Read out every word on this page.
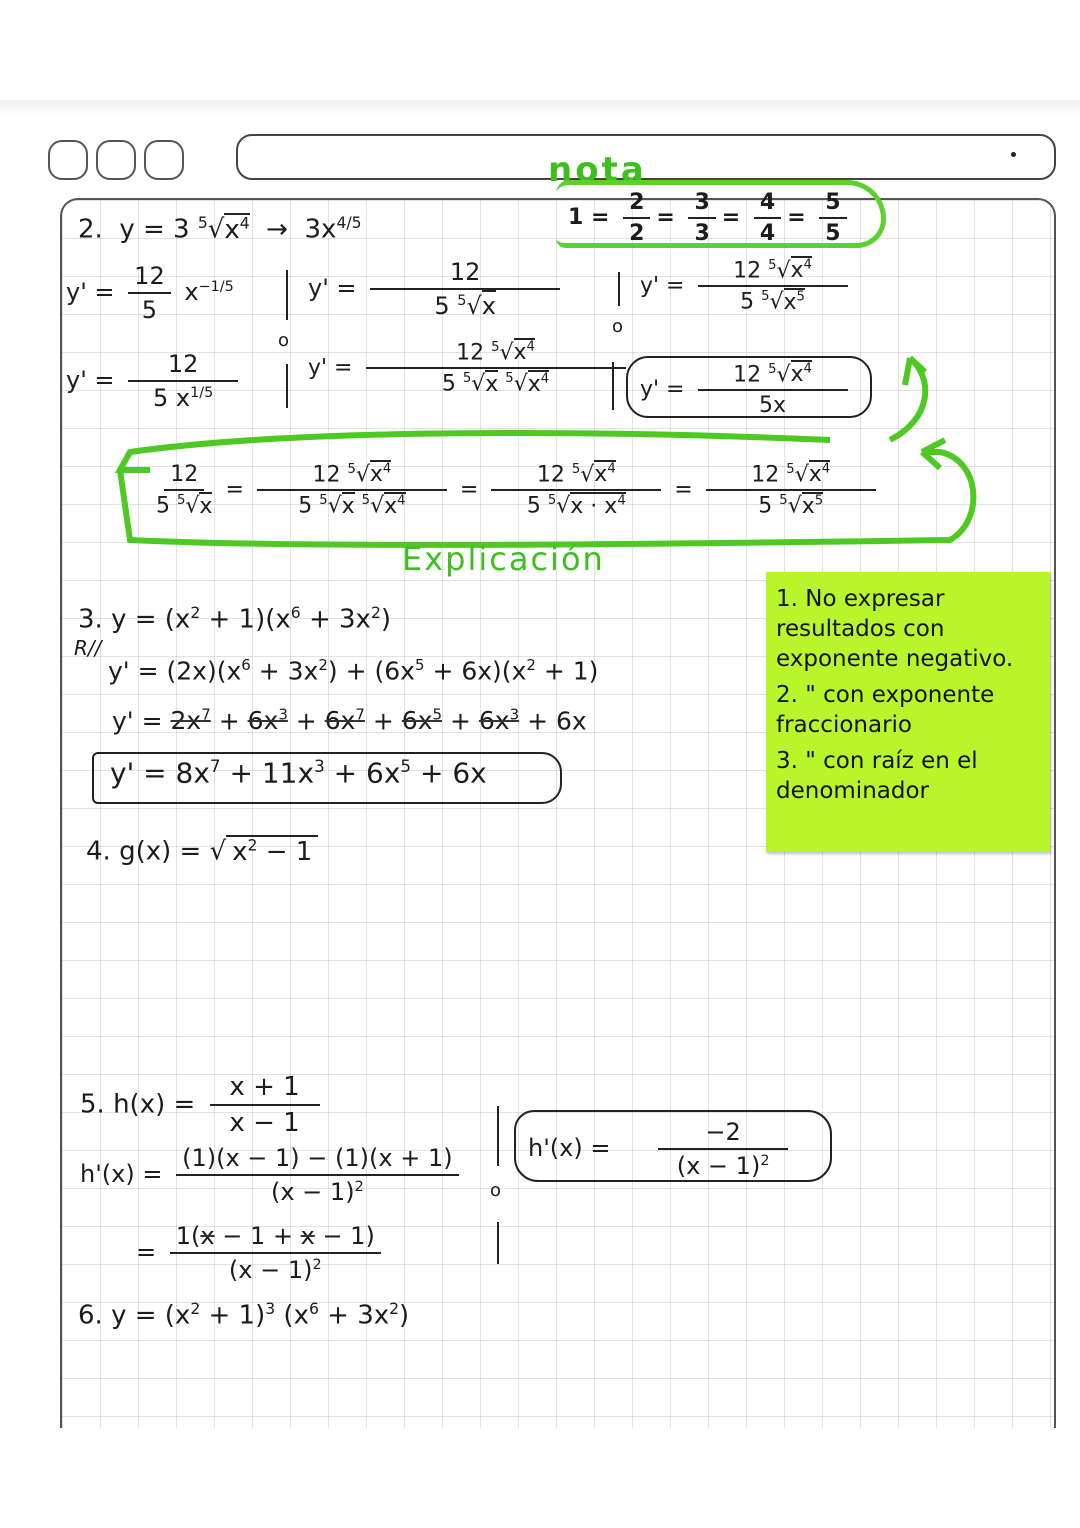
nota
$1 = \frac{2}{2} = \frac{3}{3} = \frac{4}{4} = \frac{5}{5}$
2.  y = 3 $^5√x^4 \to 3x^{4/5}$
$y' = \frac{12}{5} x^{-1/5}$
o
$y' = \frac{12}{5 ^5√x}$
$y' = \frac{12}{5 x^{1/5}}$	$y' = \frac{12 ^5√x^4}{5 ^5√x ^5√x^4}$
o
$y' = \frac{12 ^5√x^4}{5 ^5√x^5}$
$y' = \frac{12 ^5√x^4}{5x}$
$\frac{12}{5 ^5√x} = \frac{12 ^5√x^4}{5 ^5√x ^5√x^4} = \frac{12 ^5√x^4}{5 ^5√x \cdot x^4} = \frac{12 ^5√x^4}{5 ^5√x^5}$
Explicación
3. $y = (x^2 + 1)(x^6 + 3x^2)$
R//
$y' = (2x)(x^6 + 3x^2) + (6x^5 + 6x)(x^2 + 1)$
$y' = 2x^7 + 6x^3 + 6x^7 + 6x^5 + 6x^3 + 6x$
$y' = 8x^7 + 11x^3 + 6x^5 + 6x$

1. No expresar resultados con exponente negativo.

2. " con exponente fraccionario

3. " con raíz en el denominador

4. g(x) = √ $x^2 - 1$
5. $h(x) = \frac{x + 1}{x - 1}$
$h'(x) = \frac{(1)(x - 1) - (1)(x + 1)}{(x - 1)^2}$
= $\frac{1(x - 1 + x - 1)}{(x - 1)^2}$
o
$h'(x) = \frac{-2}{(x - 1)^2}$
6. $y = (x^2 + 1)^3$ $(x^6 + 3x^2)$
